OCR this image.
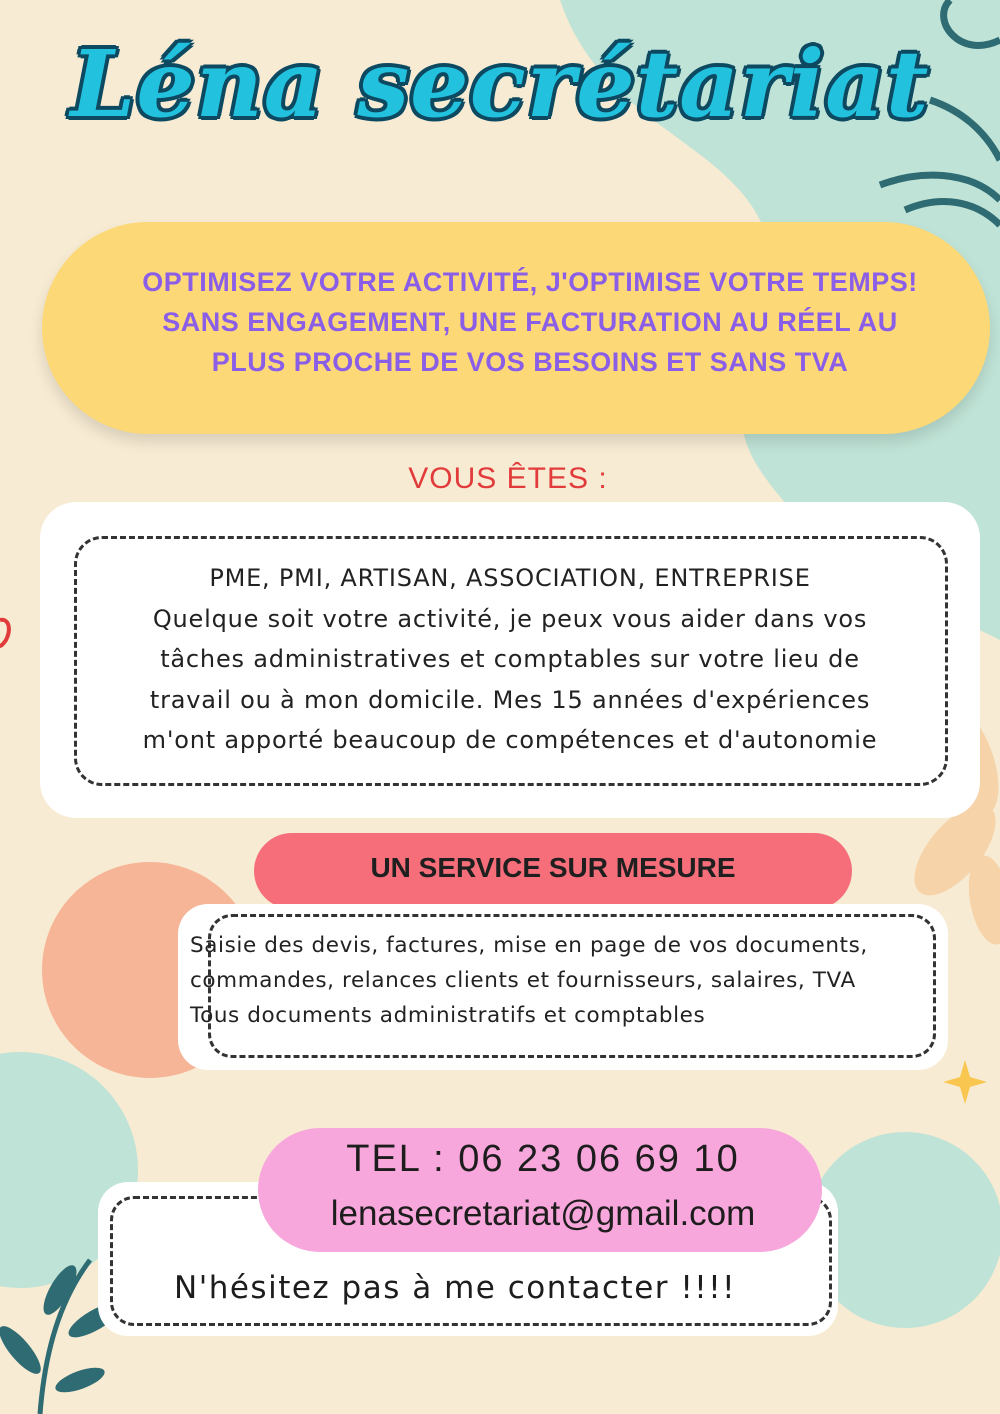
Léna secrétariat
OPTIMISEZ VOTRE ACTIVITÉ, J'OPTIMISE VOTRE TEMPS!
SANS ENGAGEMENT, UNE FACTURATION AU RÉEL AU
PLUS PROCHE DE VOS BESOINS ET SANS TVA
VOUS ÊTES :
PME, PMI, ARTISAN, ASSOCIATION, ENTREPRISE
Quelque soit votre activité, je peux vous aider dans vos
tâches administratives et comptables sur votre lieu de
travail ou à mon domicile. Mes 15 années d'expériences
m'ont apporté beaucoup de compétences et d'autonomie
UN SERVICE SUR MESURE
Saisie des devis, factures, mise en page de vos documents,
commandes, relances clients et fournisseurs, salaires, TVA
Tous documents administratifs et comptables
TEL : 06 23 06 69 10
lenasecretariat@gmail.com
N'hésitez pas à me contacter !!!!
